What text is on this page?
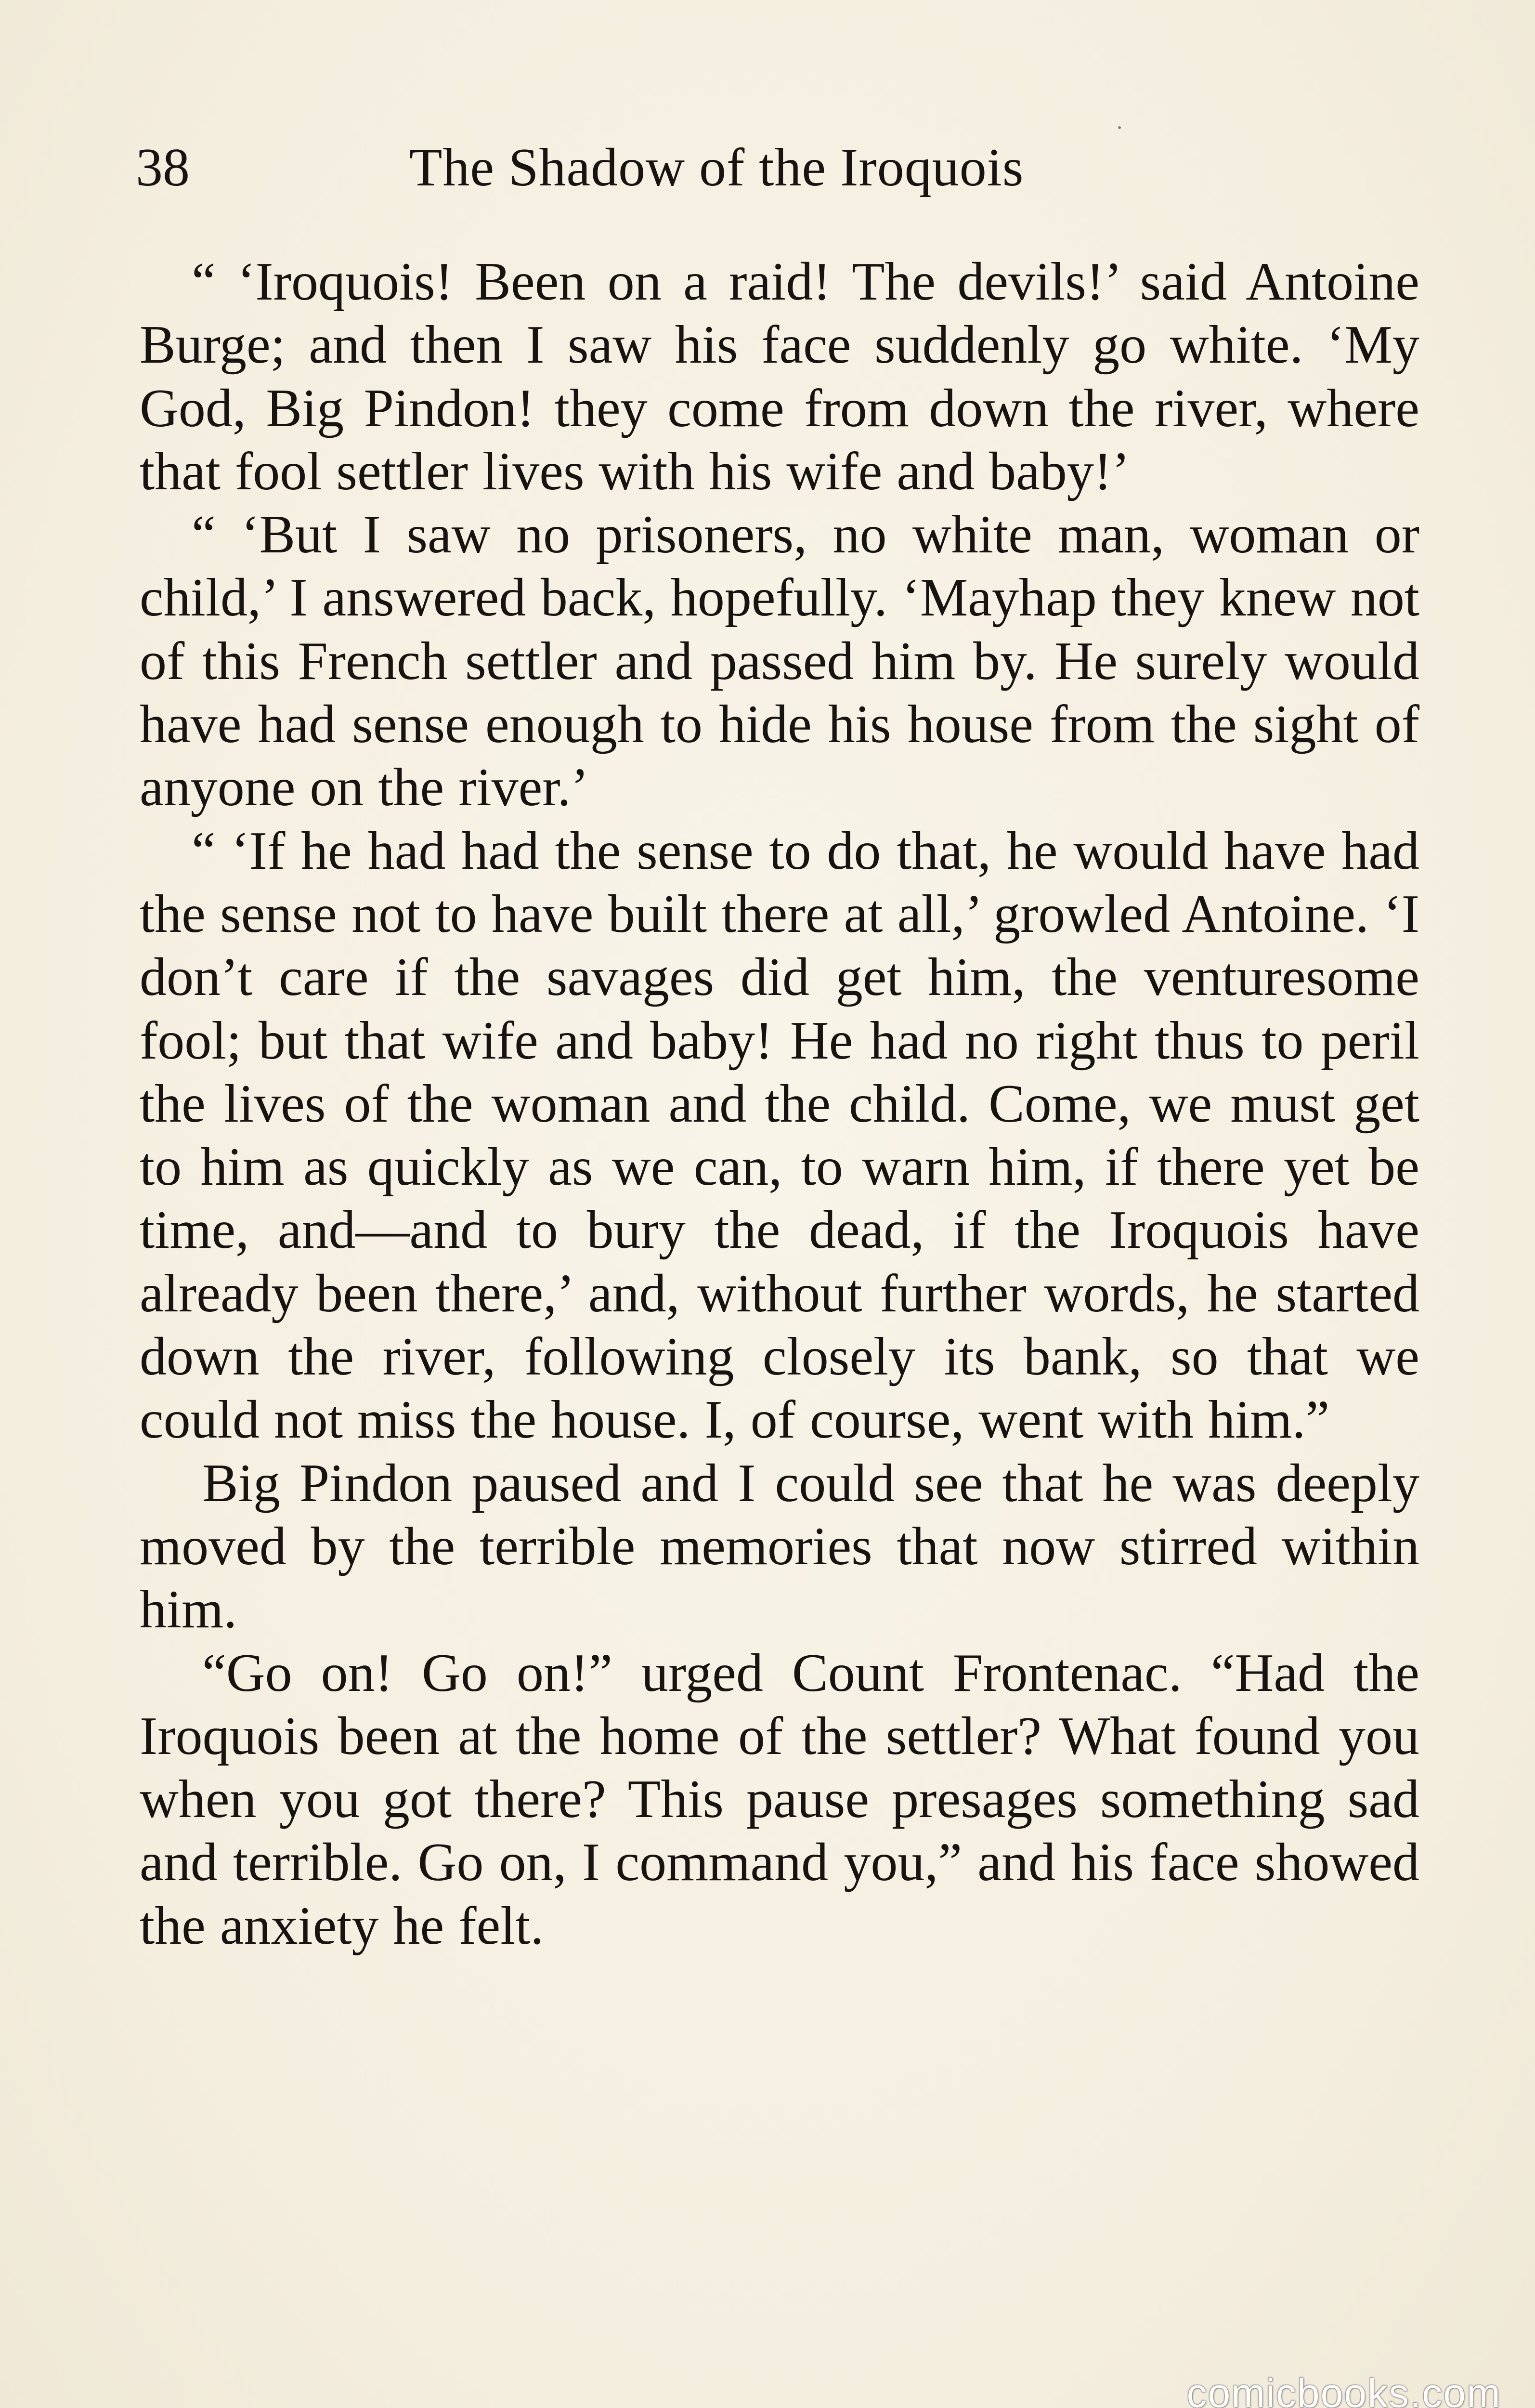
38	The Shadow of the Iroquois

“ ‘Iroquois! Been on a raid! The devils!’ said Antoine Burge; and then I saw his face suddenly go white. ‘My God, Big Pindon! they come from down the river, where that fool settler lives with his wife and baby!’

“ ‘But I saw no prisoners, no white man, woman or child,’ I answered back, hopefully. ‘Mayhap they knew not of this French settler and passed him by. He surely would have had sense enough to hide his house from the sight of anyone on the river.’

“ ‘If he had had the sense to do that, he would have had the sense not to have built there at all,’ growled Antoine. ‘I don’t care if the savages did get him, the venturesome fool; but that wife and baby! He had no right thus to peril the lives of the woman and the child. Come, we must get to him as quickly as we can, to warn him, if there yet be time, and—and to bury the dead, if the Iroquois have already been there,’ and, without further words, he started down the river, following closely its bank, so that we could not miss the house. I, of course, went with him.”

Big Pindon paused and I could see that he was deeply moved by the terrible memories that now stirred within him.

“Go on! Go on!” urged Count Frontenac. “Had the Iroquois been at the home of the settler? What found you when you got there? This pause presages something sad and terrible. Go on, I command you,” and his face showed the anxiety he felt.

comicbooks.com
